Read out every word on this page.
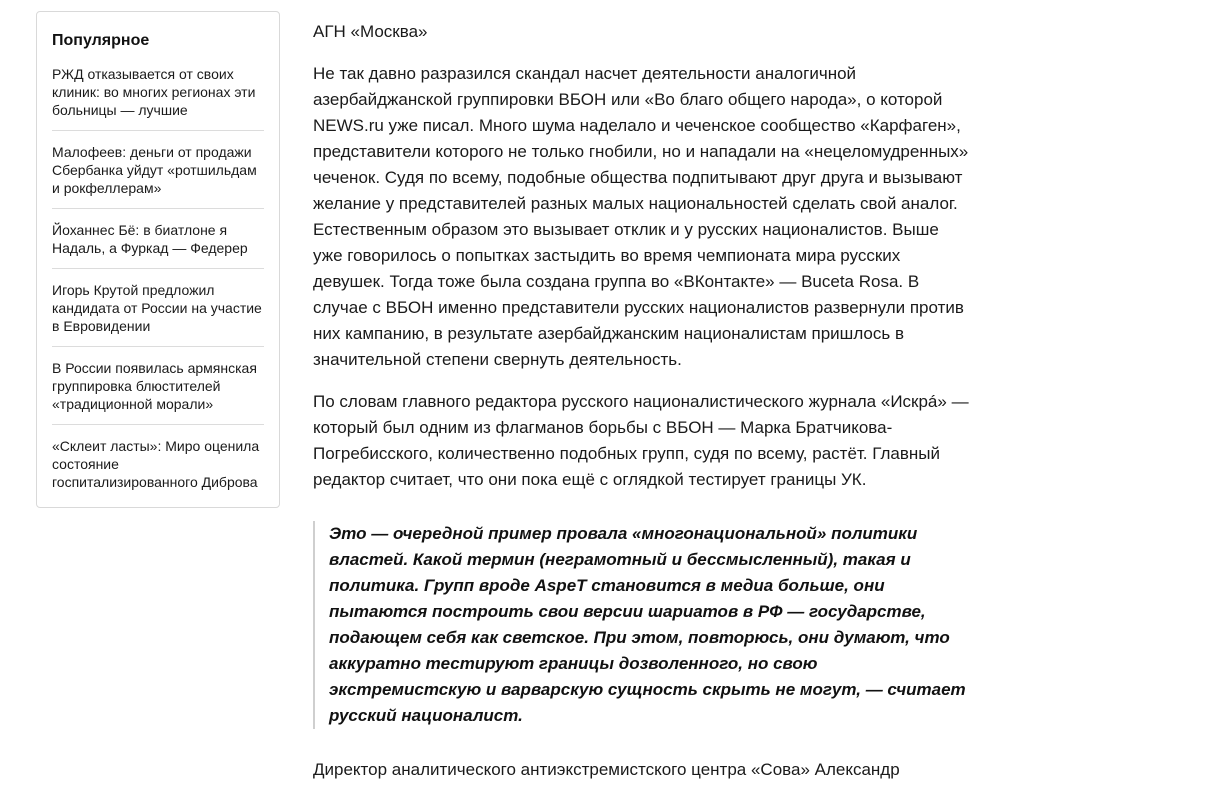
Популярное
РЖД отказывается от своих клиник: во многих регионах эти больницы — лучшие
Малофеев: деньги от продажи Сбербанка уйдут «ротшильдам и рокфеллерам»
Йоханнес Бё: в биатлоне я Надаль, а Фуркад — Федерер
Игорь Крутой предложил кандидата от России на участие в Евровидении
В России появилась армянская группировка блюстителей «традиционной морали»
«Склеит ласты»: Миро оценила состояние госпитализированного Диброва

АГН «Москва»

Не так давно разразился скандал насчет деятельности аналогичной азербайджанской группировки ВБОН или «Во благо общего народа», о которой NEWS.ru уже писал. Много шума наделало и чеченское сообщество «Карфаген», представители которого не только гнобили, но и нападали на «нецеломудренных» чеченок. Судя по всему, подобные общества подпитывают друг друга и вызывают желание у представителей разных малых национальностей сделать свой аналог. Естественным образом это вызывает отклик и у русских националистов. Выше уже говорилось о попытках застыдить во время чемпионата мира русских девушек. Тогда тоже была создана группа во «ВКонтакте» — Buceta Rosa. В случае с ВБОН именно представители русских националистов развернули против них кампанию, в результате азербайджанским националистам пришлось в значительной степени свернуть деятельность.

По словам главного редактора русского националистического журнала «Искрá» — который был одним из флагманов борьбы с ВБОН — Марка Братчикова-Погребисского, количественно подобных групп, судя по всему, растёт. Главный редактор считает, что они пока ещё с оглядкой тестирует границы УК.

Это — очередной пример провала «многонациональной» политики властей. Какой термин (неграмотный и бессмысленный), такая и политика. Групп вроде AspeT становится в медиа больше, они пытаются построить свои версии шариатов в РФ — государстве, подающем себя как светское. При этом, повторюсь, они думают, что аккуратно тестируют границы дозволенного, но свою экстремистскую и варварскую сущность скрыть не могут, — считает русский националист.

Директор аналитического антиэкстремистского центра «Сова» Александр
